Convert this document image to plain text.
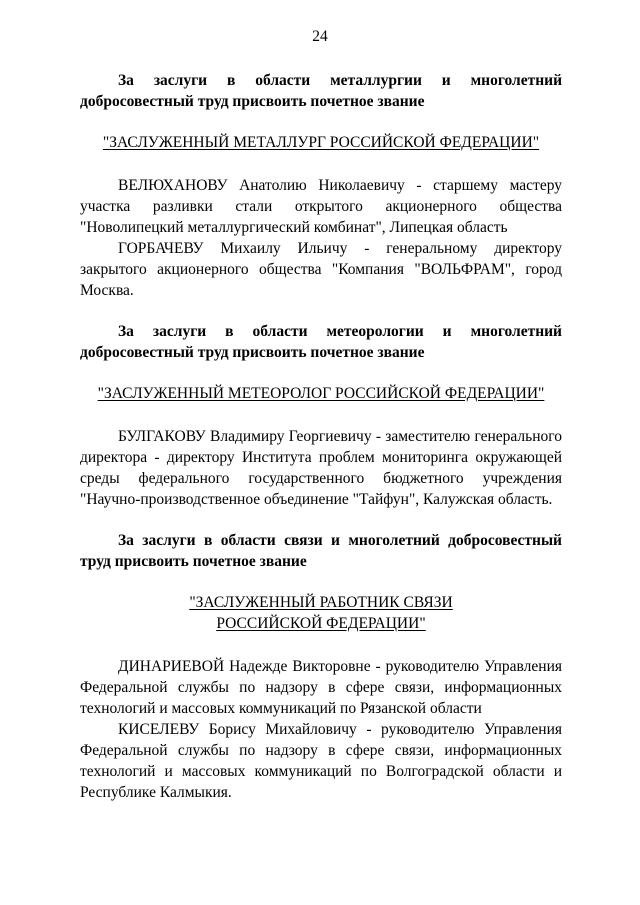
24

За заслуги в области металлургии и многолетний добросовестный труд присвоить почетное звание

"ЗАСЛУЖЕННЫЙ МЕТАЛЛУРГ РОССИЙСКОЙ ФЕДЕРАЦИИ"

ВЕЛЮХАНОВУ Анатолию Николаевичу - старшему мастеру участка разливки стали открытого акционерного общества "Новолипецкий металлургический комбинат", Липецкая область

ГОРБАЧЕВУ Михаилу Ильичу - генеральному директору закрытого акционерного общества "Компания "ВОЛЬФРАМ", город Москва.

За заслуги в области метеорологии и многолетний добросовестный труд присвоить почетное звание

"ЗАСЛУЖЕННЫЙ МЕТЕОРОЛОГ РОССИЙСКОЙ ФЕДЕРАЦИИ"

БУЛГАКОВУ Владимиру Георгиевичу - заместителю генерального директора - директору Института проблем мониторинга окружающей среды федерального государственного бюджетного учреждения "Научно-производственное объединение "Тайфун", Калужская область.

За заслуги в области связи и многолетний добросовестный труд присвоить почетное звание

"ЗАСЛУЖЕННЫЙ РАБОТНИК СВЯЗИ
РОССИЙСКОЙ ФЕДЕРАЦИИ"

ДИНАРИЕВОЙ Надежде Викторовне - руководителю Управления Федеральной службы по надзору в сфере связи, информационных технологий и массовых коммуникаций по Рязанской области

КИСЕЛЕВУ Борису Михайловичу - руководителю Управления Федеральной службы по надзору в сфере связи, информационных технологий и массовых коммуникаций по Волгоградской области и Республике Калмыкия.
